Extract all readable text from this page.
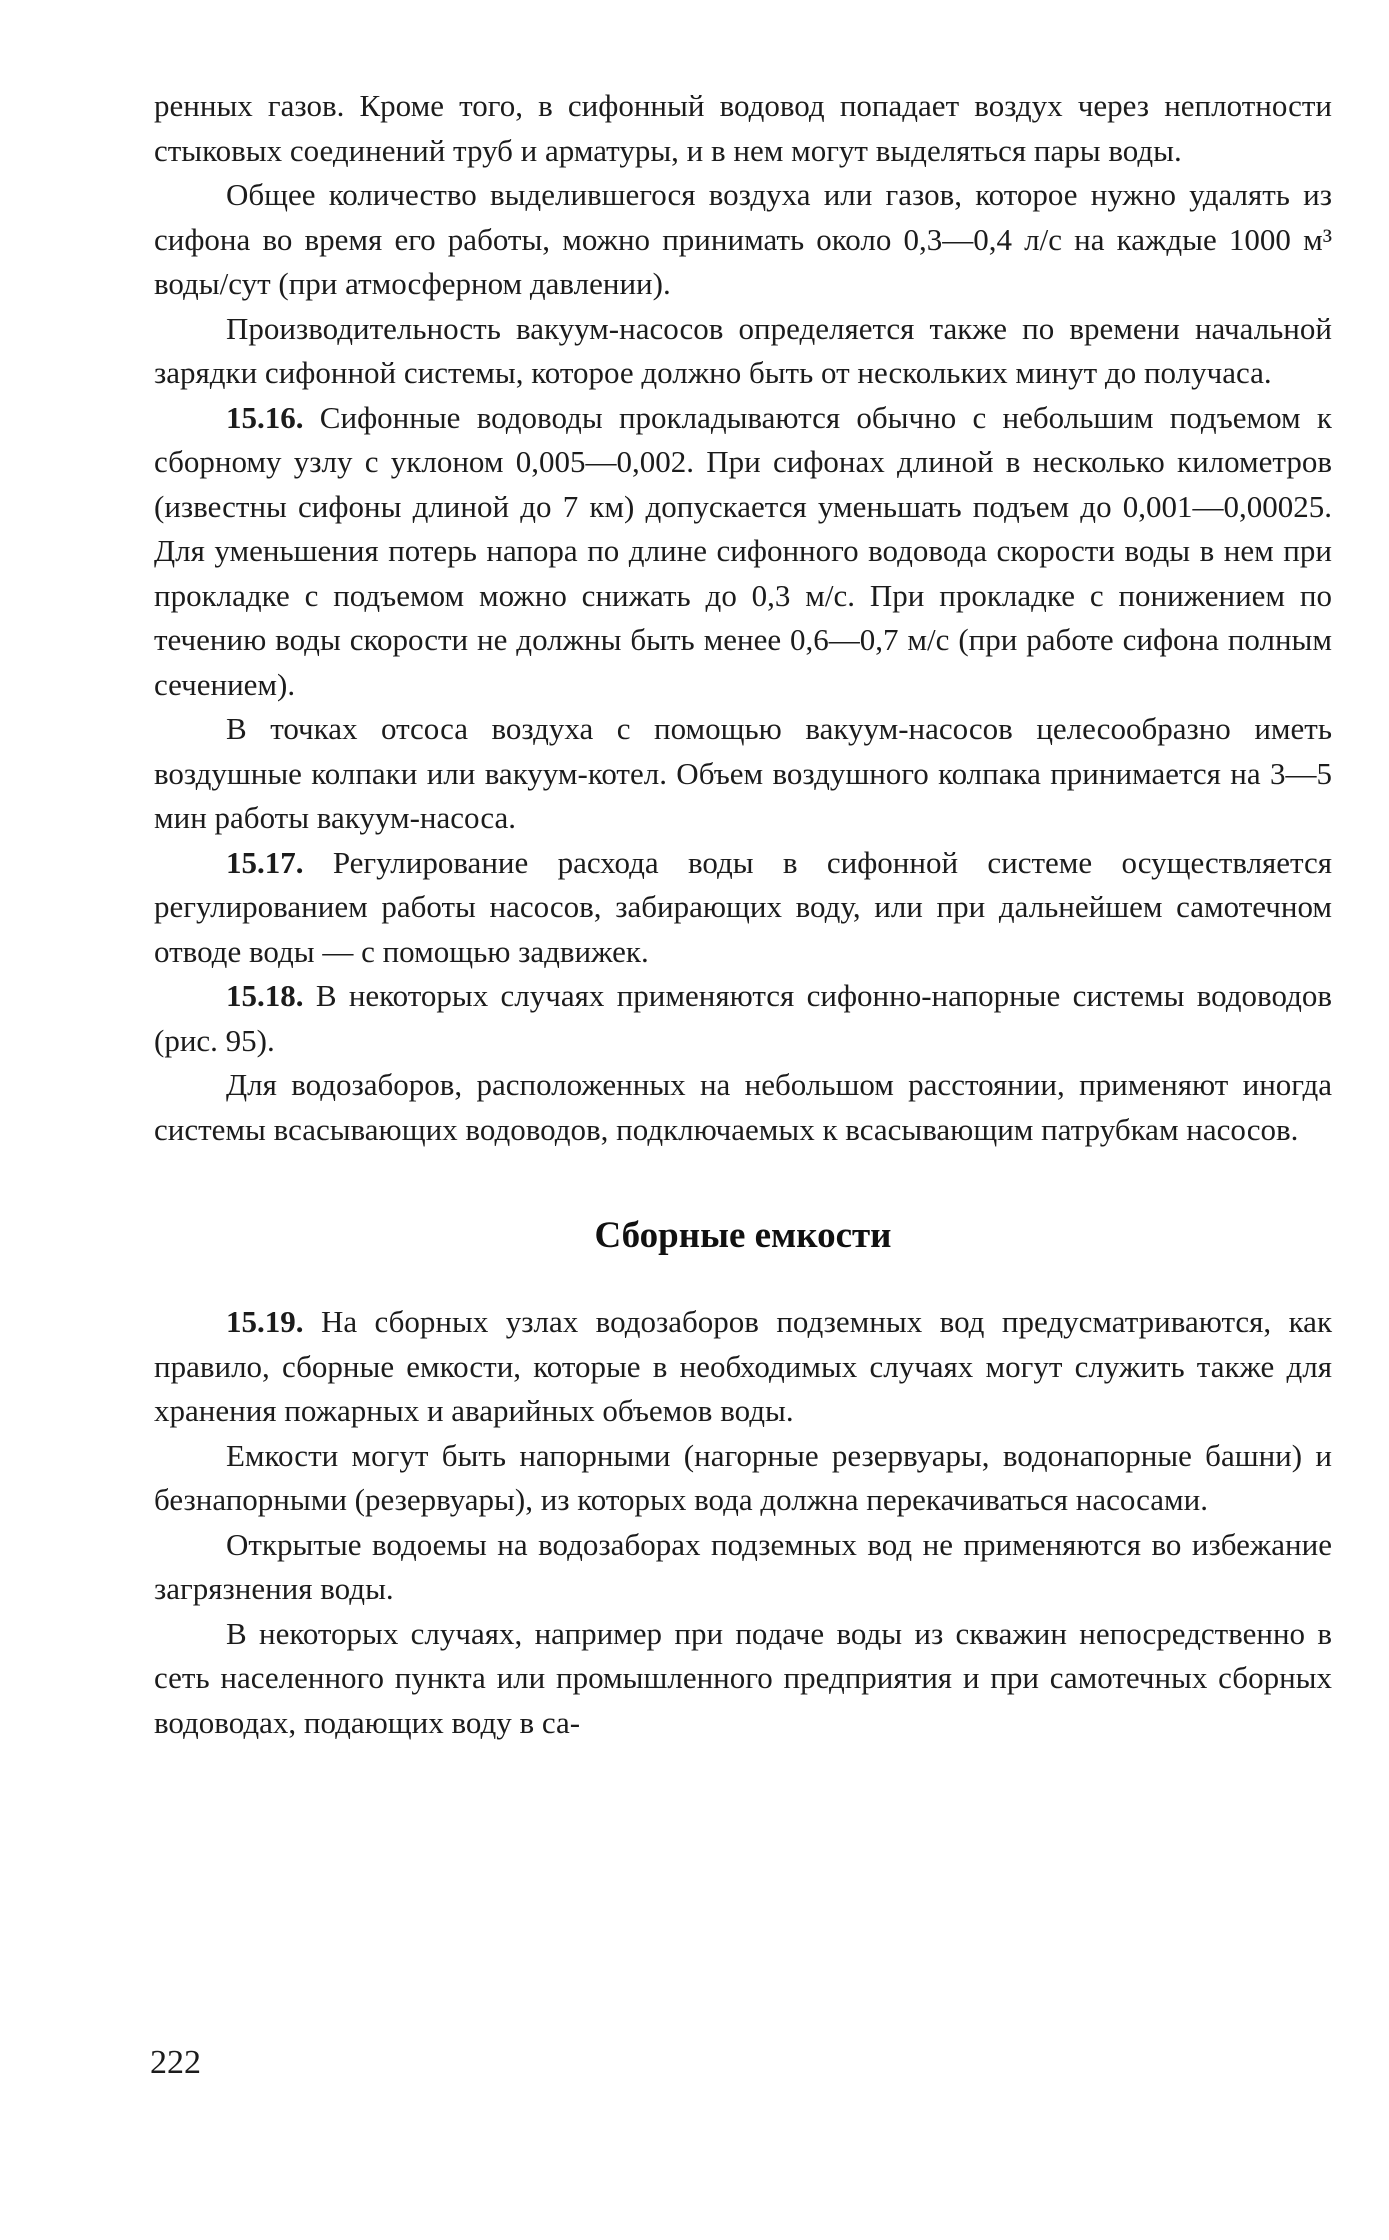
ренных газов. Кроме того, в сифонный водовод попадает воздух через неплотности стыковых соединений труб и арматуры, и в нем могут выделяться пары воды.

Общее количество выделившегося воздуха или газов, которое нужно удалять из сифона во время его работы, можно принимать около 0,3—0,4 л/с на каждые 1000 м³ воды/сут (при атмосферном давлении).

Производительность вакуум-насосов определяется также по времени начальной зарядки сифонной системы, которое должно быть от нескольких минут до получаса.

15.16. Сифонные водоводы прокладываются обычно с небольшим подъемом к сборному узлу с уклоном 0,005—0,002. При сифонах длиной в несколько километров (известны сифоны длиной до 7 км) допускается уменьшать подъем до 0,001—0,00025. Для уменьшения потерь напора по длине сифонного водовода скорости воды в нем при прокладке с подъемом можно снижать до 0,3 м/с. При прокладке с понижением по течению воды скорости не должны быть менее 0,6—0,7 м/с (при работе сифона полным сечением).

В точках отсоса воздуха с помощью вакуум-насосов целесообразно иметь воздушные колпаки или вакуум-котел. Объем воздушного колпака принимается на 3—5 мин работы вакуум-насоса.

15.17. Регулирование расхода воды в сифонной системе осуществляется регулированием работы насосов, забирающих воду, или при дальнейшем самотечном отводе воды — с помощью задвижек.

15.18. В некоторых случаях применяются сифонно-напорные системы водоводов (рис. 95).

Для водозаборов, расположенных на небольшом расстоянии, применяют иногда системы всасывающих водоводов, подключаемых к всасывающим патрубкам насосов.

Сборные емкости

15.19. На сборных узлах водозаборов подземных вод предусматриваются, как правило, сборные емкости, которые в необходимых случаях могут служить также для хранения пожарных и аварийных объемов воды.

Емкости могут быть напорными (нагорные резервуары, водонапорные башни) и безнапорными (резервуары), из которых вода должна перекачиваться насосами.

Открытые водоемы на водозаборах подземных вод не применяются во избежание загрязнения воды.

В некоторых случаях, например при подаче воды из скважин непосредственно в сеть населенного пункта или промышленного предприятия и при самотечных сборных водоводах, подающих воду в са-

222
